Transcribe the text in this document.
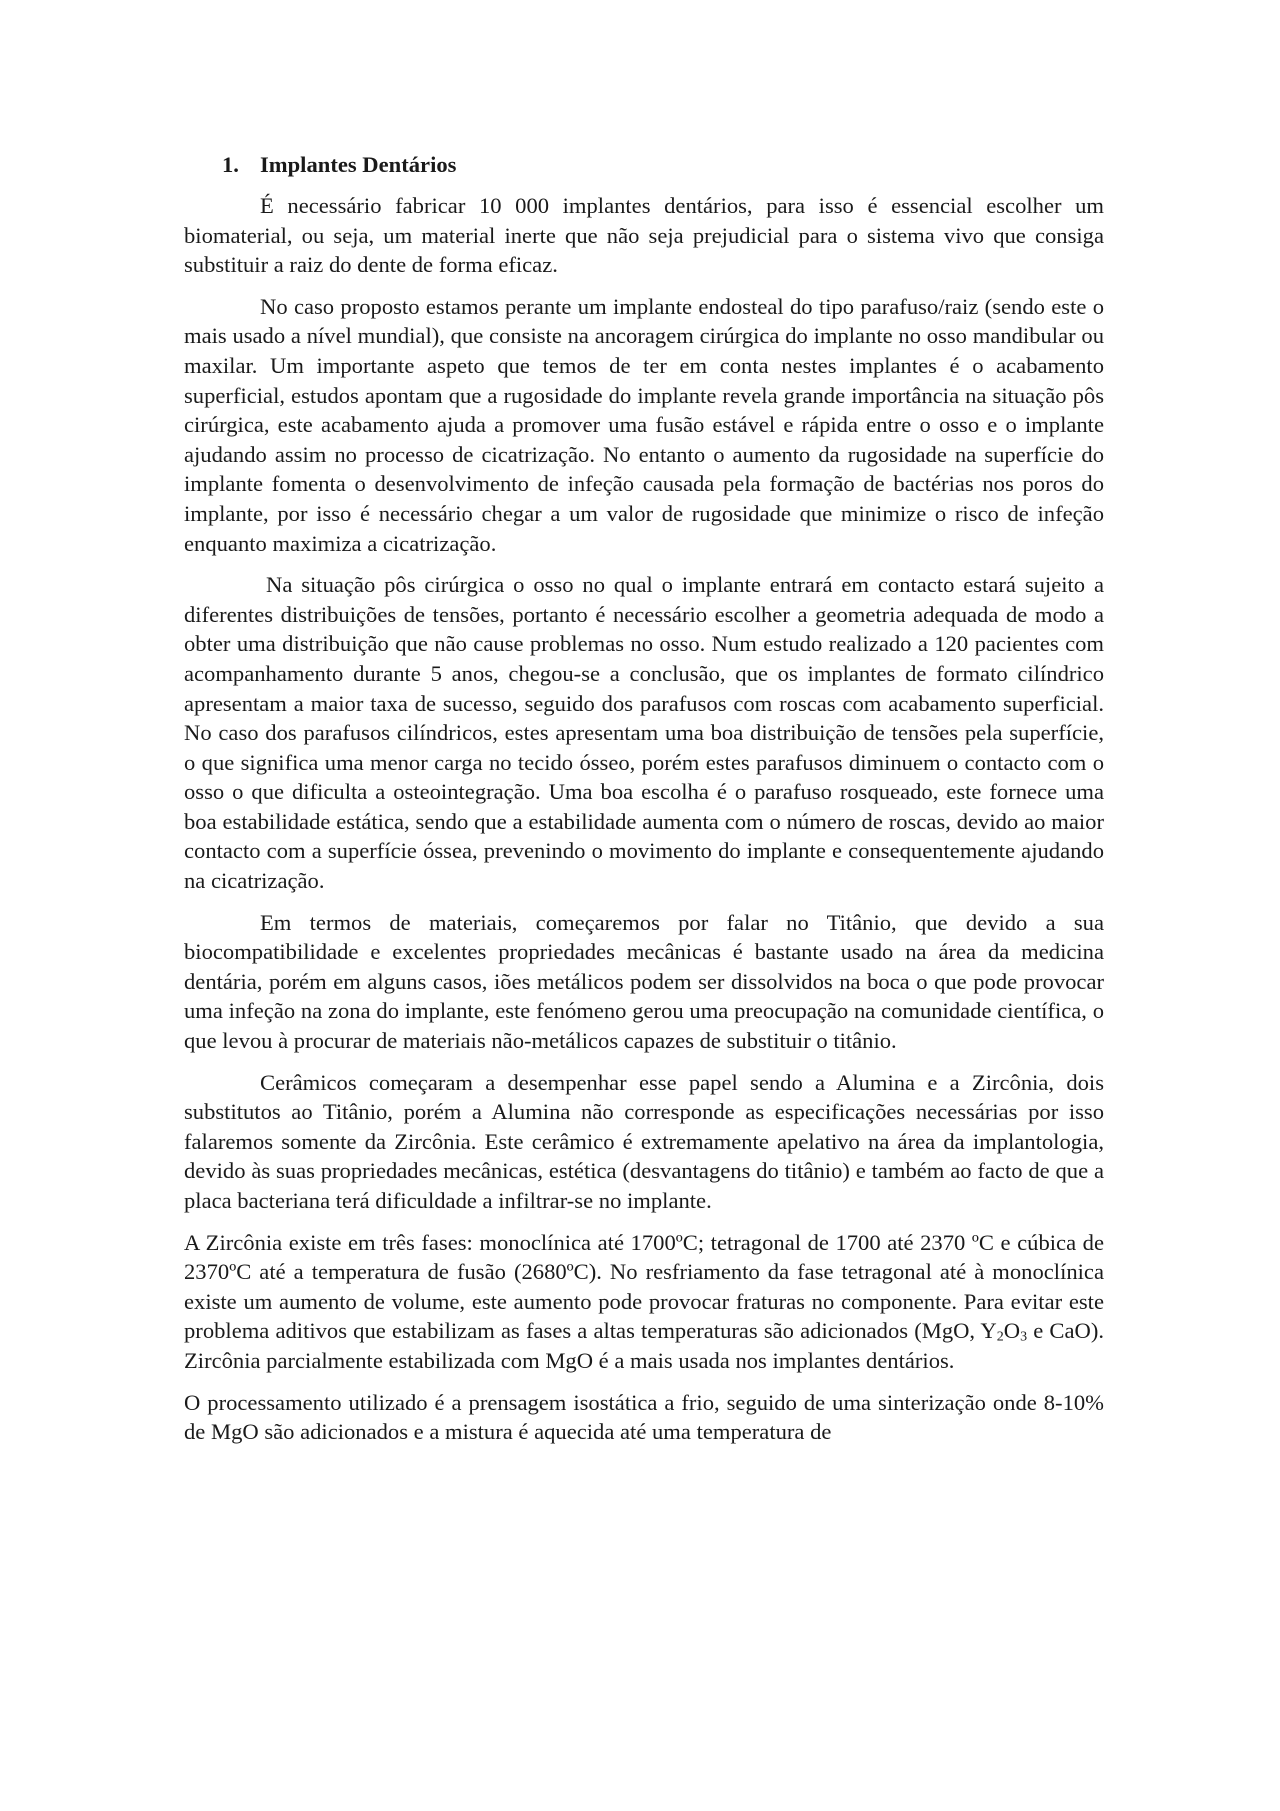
1. Implantes Dentários

É necessário fabricar 10 000 implantes dentários, para isso é essencial escolher um biomaterial, ou seja, um material inerte que não seja prejudicial para o sistema vivo que consiga substituir a raiz do dente de forma eficaz.

No caso proposto estamos perante um implante endosteal do tipo parafuso/raiz (sendo este o mais usado a nível mundial), que consiste na ancoragem cirúrgica do implante no osso mandibular ou maxilar. Um importante aspeto que temos de ter em conta nestes implantes é o acabamento superficial, estudos apontam que a rugosidade do implante revela grande importância na situação pôs cirúrgica, este acabamento ajuda a promover uma fusão estável e rápida entre o osso e o implante ajudando assim no processo de cicatrização. No entanto o aumento da rugosidade na superfície do implante fomenta o desenvolvimento de infeção causada pela formação de bactérias nos poros do implante, por isso é necessário chegar a um valor de rugosidade que minimize o risco de infeção enquanto maximiza a cicatrização.

Na situação pôs cirúrgica o osso no qual o implante entrará em contacto estará sujeito a diferentes distribuições de tensões, portanto é necessário escolher a geometria adequada de modo a obter uma distribuição que não cause problemas no osso. Num estudo realizado a 120 pacientes com acompanhamento durante 5 anos, chegou-se a conclusão, que os implantes de formato cilíndrico apresentam a maior taxa de sucesso, seguido dos parafusos com roscas com acabamento superficial. No caso dos parafusos cilíndricos, estes apresentam uma boa distribuição de tensões pela superfície, o que significa uma menor carga no tecido ósseo, porém estes parafusos diminuem o contacto com o osso o que dificulta a osteointegração. Uma boa escolha é o parafuso rosqueado, este fornece uma boa estabilidade estática, sendo que a estabilidade aumenta com o número de roscas, devido ao maior contacto com a superfície óssea, prevenindo o movimento do implante e consequentemente ajudando na cicatrização.

Em termos de materiais, começaremos por falar no Titânio, que devido a sua biocompatibilidade e excelentes propriedades mecânicas é bastante usado na área da medicina dentária, porém em alguns casos, iões metálicos podem ser dissolvidos na boca o que pode provocar uma infeção na zona do implante, este fenómeno gerou uma preocupação na comunidade científica, o que levou à procurar de materiais não-metálicos capazes de substituir o titânio.

Cerâmicos começaram a desempenhar esse papel sendo a Alumina e a Zircônia, dois substitutos ao Titânio, porém a Alumina não corresponde as especificações necessárias por isso falaremos somente da Zircônia. Este cerâmico é extremamente apelativo na área da implantologia, devido às suas propriedades mecânicas, estética (desvantagens do titânio) e também ao facto de que a placa bacteriana terá dificuldade a infiltrar-se no implante.

A Zircônia existe em três fases: monoclínica até 1700ºC; tetragonal de 1700 até 2370 ºC e cúbica de 2370ºC até a temperatura de fusão (2680ºC). No resfriamento da fase tetragonal até à monoclínica existe um aumento de volume, este aumento pode provocar fraturas no componente. Para evitar este problema aditivos que estabilizam as fases a altas temperaturas são adicionados (MgO, $Y_2O_3$ e CaO). Zircônia parcialmente estabilizada com MgO é a mais usada nos implantes dentários.

O processamento utilizado é a prensagem isostática a frio, seguido de uma sinterização onde 8-10% de MgO são adicionados e a mistura é aquecida até uma temperatura de
